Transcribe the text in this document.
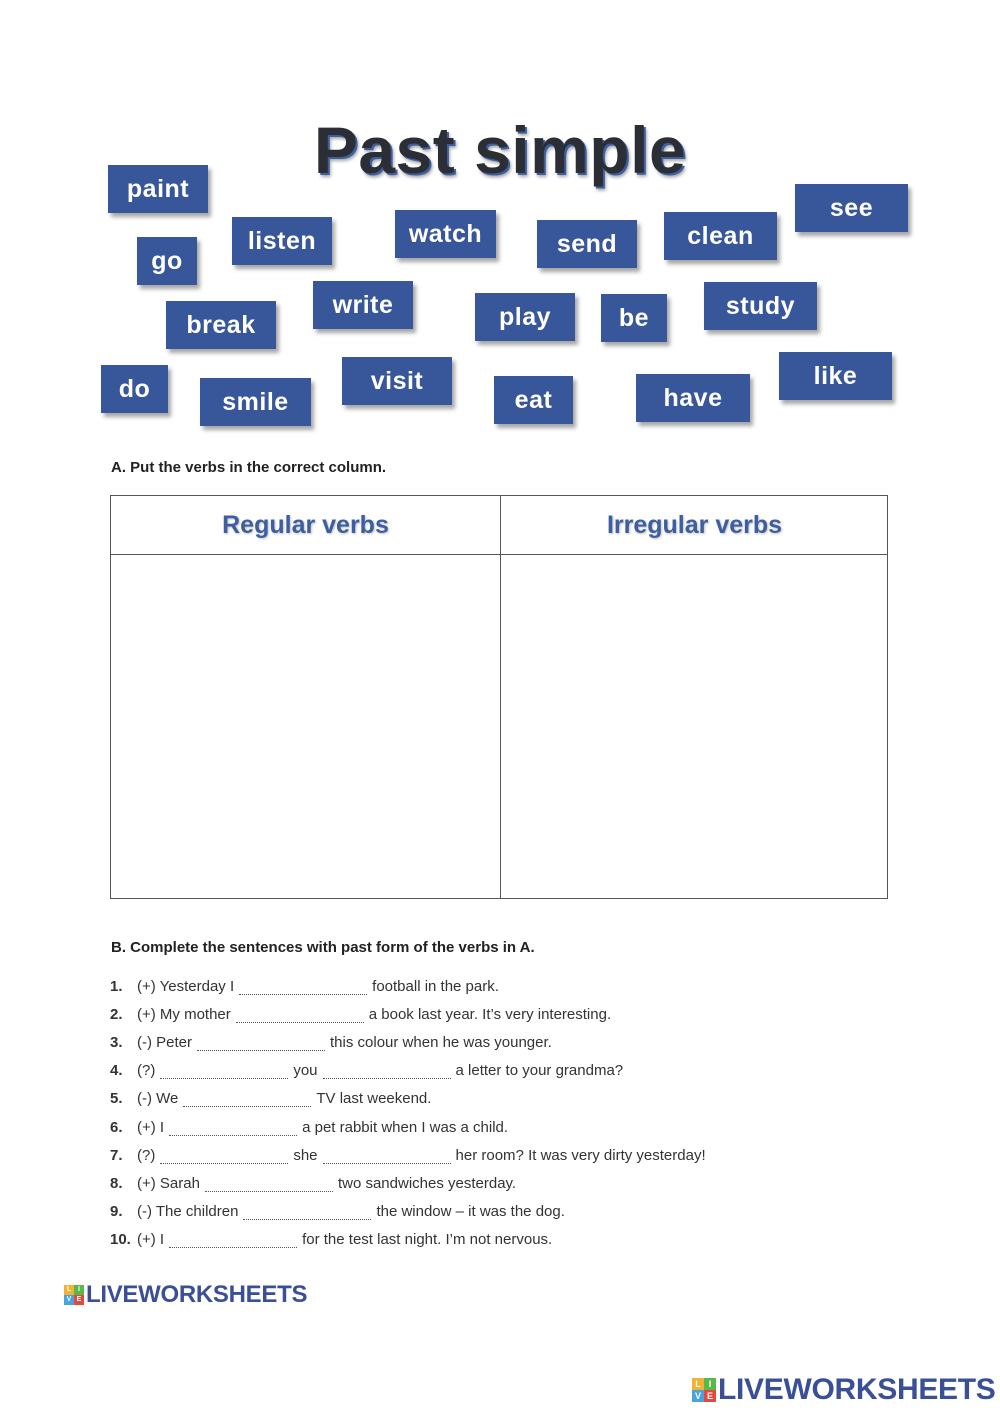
Past simple
paint
see
listen	watch	send	clean
go
write	play	be	study
break
do	smile
visit
eat	have
like
A. Put the verbs in the correct column.
Regular verbs	Irregular verbs
B. Complete the sentences with past form of the verbs in A.
1. (+) Yesterday I	football in the park.
2. (+) My mother	a book last year. It’s very interesting.
3. (-) Peter	this colour when he was younger.
4. (?)	you	a letter to your grandma?
5. (-) We	TV last weekend.
6. (+) I	a pet rabbit when I was a child.
7. (?)	she	her room? It was very dirty yesterday!
8. (+) Sarah	two sandwiches yesterday.
9. (-) The children	the window – it was the dog.
10. (+) I	for the test last night. I’m not nervous.
L I
V E LIVEWORKSHEETS
L I
V E LIVEWORKSHEETS
